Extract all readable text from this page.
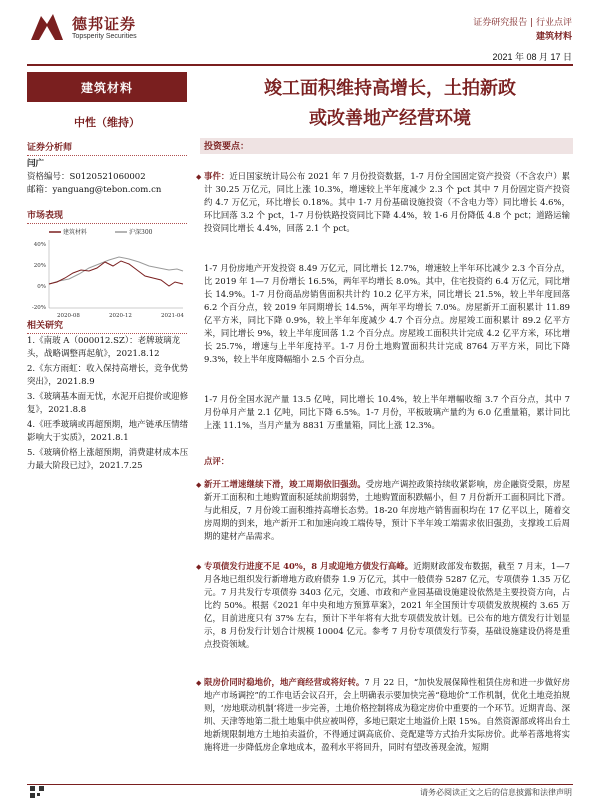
德邦证券
Topsperity Securities
证券研究报告 | 行业点评
建筑材料
2021 年 08 月 17 日
建筑材料
中性（维持）
证券分析师
闫广
资格编号：S0120521060002
邮箱：yanguang@tebon.com.cn
市场表现
建筑材料	沪深300
40%
20%
0%
-20%
2020-08	2020-12	2021-04
相关研究
1.《南玻 A（000012.SZ）：老牌玻璃龙头，战略调整再起航》，2021.8.12
2.《东方雨虹：收入保持高增长，竞争优势突出》，2021.8.9
3.《玻璃基本面无忧，水泥开启提价或迎修复》，2021.8.8
4.《旺季玻璃或再超预期，地产链承压情绪影响大于实质》，2021.8.1
5.《玻璃价格上涨超预期，消费建材成本压力最大阶段已过》，2021.7.25
竣工面积维持高增长，土拍新政
或改善地产经营环境
投资要点：
◆ 事件：近日国家统计局公布 2021 年 7 月份投资数据，1-7 月份全国固定资产投资（不含农户）累计 30.25 万亿元，同比上涨 10.3%，增速较上半年度减少 2.3 个 pct 其中 7 月份固定资产投资约 4.7 万亿元，环比增长 0.18%。其中 1-7 月份基础设施投资（不含电力等）同比增长 4.6%，环比回落 3.2 个 pct，1-7 月份铁路投资同比下降 4.4%，较 1-6 月份降低 4.8 个 pct；道路运输投资同比增长 4.4%，回落 2.1 个 pct。
1-7 月份房地产开发投资 8.49 万亿元，同比增长 12.7%，增速较上半年环比减少 2.3 个百分点，比 2019 年 1—7 月份增长 16.5%，两年平均增长 8.0%。其中，住宅投资约 6.4 万亿元，同比增长 14.9%。1-7 月份商品房销售面积共计约 10.2 亿平方米，同比增长 21.5%，较上半年度回落 6.2 个百分点，较 2019 年同期增长 14.5%，两年平均增长 7.0%。房屋新开工面积累计 11.89 亿平方米，同比下降 0.9%，较上半年年度减少 4.7 个百分点。房屋竣工面积累计 89.2 亿平方米，同比增长 9%，较上半年度回落 1.2 个百分点。房屋竣工面积共计完成 4.2 亿平方米，环比增长 25.7%，增速与上半年度持平。1-7 月份土地购置面积共计完成 8764 万平方米，同比下降 9.3%，较上半年度降幅缩小 2.5 个百分点。
1-7 月份全国水泥产量 13.5 亿吨，同比增长 10.4%，较上半年增幅收缩 3.7 个百分点，其中 7 月份单月产量 2.1 亿吨，同比下降 6.5%。1-7 月份，平板玻璃产量约为 6.0 亿重量箱，累计同比上涨 11.1%，当月产量为 8831 万重量箱，同比上涨 12.3%。
点评：
◆ 新开工增速继续下滑，竣工周期依旧强劲。受房地产调控政策持续收紧影响，房企融资受限，房屋新开工面积和土地购置面积延续前期弱势，土地购置面积跌幅小，但 7 月份新开工面积同比下滑。与此相反，7 月份竣工面积维持高增长态势。18-20 年房地产销售面积均在 17 亿平以上，随着交房周期的到来，地产新开工和加速向竣工端传导，预计下半年竣工端需求依旧强劲，支撑竣工后周期的建材产品需求。
◆ 专项债发行进度不足 40%，8 月或迎地方债发行高峰。近期财政部发布数据，截至 7 月末，1—7 月各地已组织发行新增地方政府债券 1.9 万亿元，其中一般债券 5287 亿元，专项债券 1.35 万亿元。7 月共发行专项债券 3403 亿元，交通、市政和产业园基础设施建设依然是主要投资方向，占比约 50%。根据《2021 年中央和地方预算草案》，2021 年全国预计专项债发放规模约 3.65 万亿，目前进度只有 37% 左右，预计下半年将有大批专项债发放计划。已公布的地方债发行计划显示，8 月份发行计划合计规模 10004 亿元。参考 7 月份专项债发行节奏，基础设施建设仍将是重点投资领域。
◆ 限房价同时稳地价，地产商经营或将好转。7 月 22 日，“加快发展保障性租赁住房和进一步做好房地产市场调控”的工作电话会议召开，会上明确表示要加快完善“稳地价”工作机制，优化土地竞拍规则，‘房地联动机制’将进一步完善，土地价格控制将成为稳定房价中重要的一个环节。近期青岛、深圳、天津等地第二批土地集中供应被叫停，多地已限定土地溢价上限 15%。自然资源部或将出台土地新规限制地方土地拍卖溢价，不得通过调高底价、竞配建等方式抬升实际房价。此举若落地将实施将进一步降低房企拿地成本，盈利水平将回升，同时有望改善现金流，短期
请务必阅读正文之后的信息披露和法律声明
